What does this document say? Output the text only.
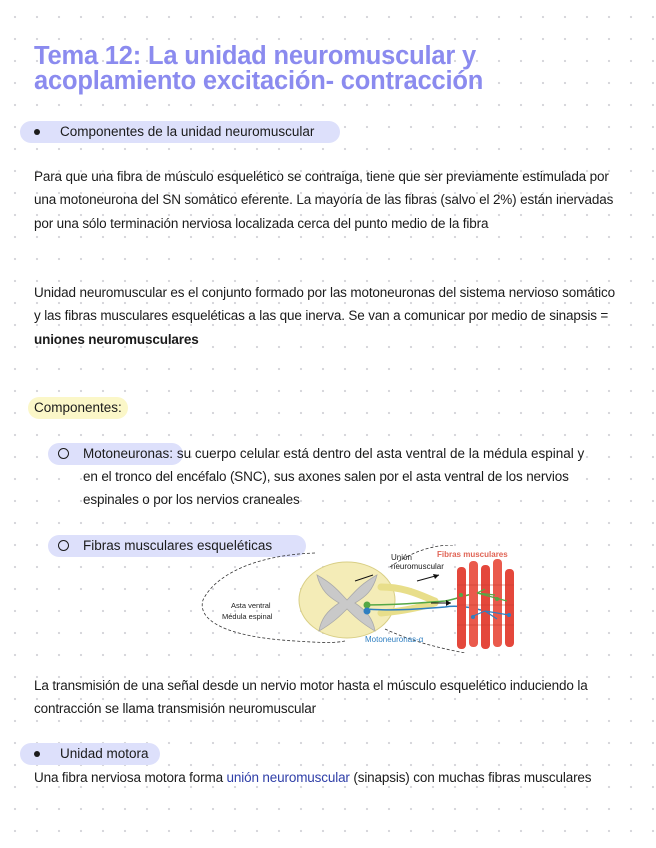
Tema 12: La unidad neuromuscular y
acoplamiento excitación- contracción
Componentes de la unidad neuromuscular
Para que una fibra de músculo esquelético se contraiga, tiene que ser previamente estimulada por una motoneurona del SN somático eferente. La mayoría de las fibras (salvo el 2%) están inervadas por una sólo terminación nerviosa localizada cerca del punto medio de la fibra
Unidad neuromuscular es el conjunto formado por las motoneuronas del sistema nervioso somático y las fibras musculares esqueléticas a las que inerva. Se van a comunicar por medio de sinapsis = uniones neuromusculares
Componentes:
Motoneuronas: su cuerpo celular está dentro del asta ventral de la médula espinal y
en el tronco del encéfalo (SNC), sus axones salen por el asta ventral de los nervios espinales o por los nervios craneales
Fibras musculares esqueléticas
Unión
neuromuscular
Fibras musculares
Asta ventral
Médula espinal
Motoneuronas-α
La transmisión de una señal desde un nervio motor hasta el músculo esquelético induciendo la contracción se llama transmisión neuromuscular
Unidad motora
Una fibra nerviosa motora forma unión neuromuscular (sinapsis) con muchas fibras musculares
